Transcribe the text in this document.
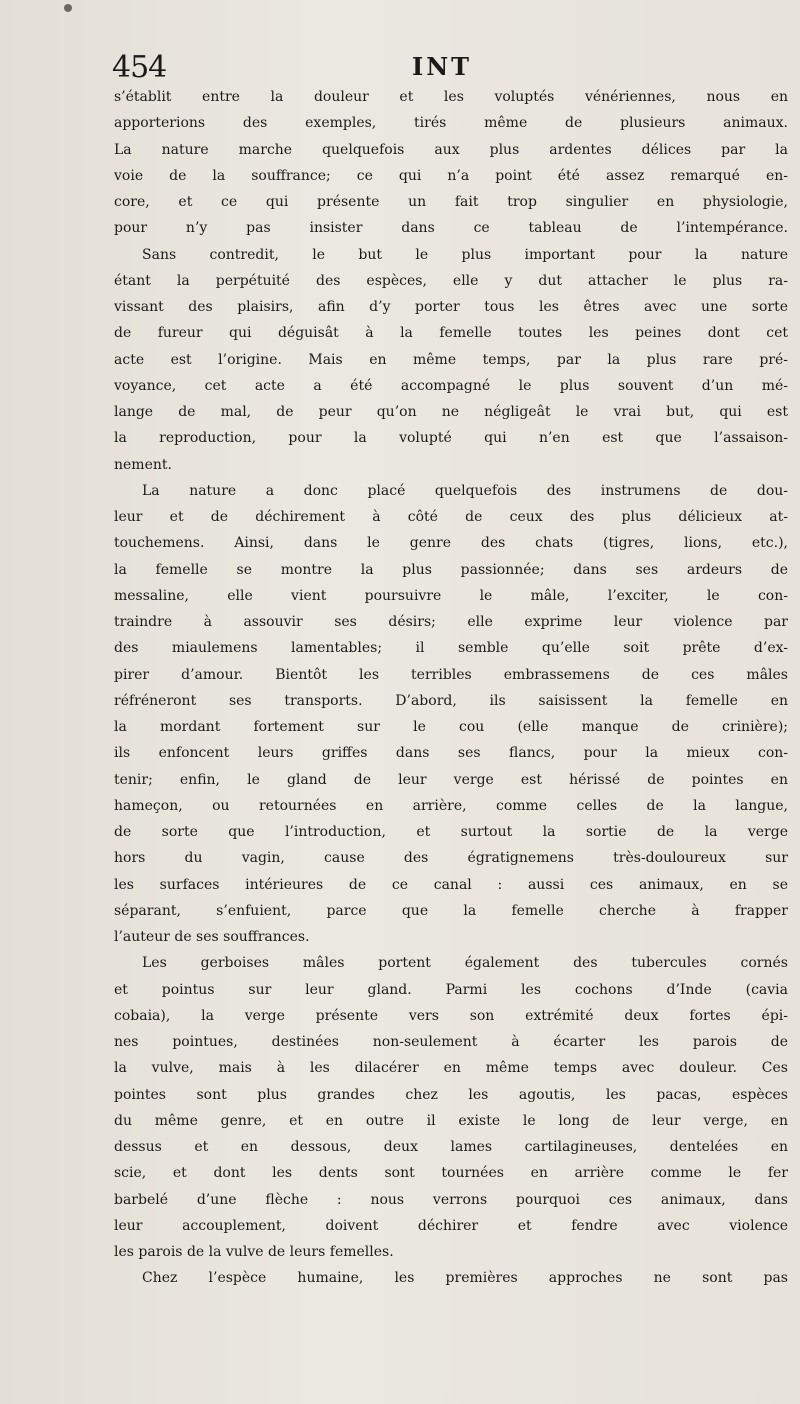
454	INT
s’établit entre la douleur et les voluptés vénériennes, nous en
apporterions des exemples, tirés même de plusieurs animaux.
La nature marche quelquefois aux plus ardentes délices par la
voie de la souffrance; ce qui n’a point été assez remarqué en-
core, et ce qui présente un fait trop singulier en physiologie,
pour n’y pas insister dans ce tableau de l’intempérance.
Sans contredit, le but le plus important pour la nature
étant la perpétuité des espèces, elle y dut attacher le plus ra-
vissant des plaisirs, afin d’y porter tous les êtres avec une sorte
de fureur qui déguisât à la femelle toutes les peines dont cet
acte est l’origine. Mais en même temps, par la plus rare pré-
voyance, cet acte a été accompagné le plus souvent d’un mé-
lange de mal, de peur qu’on ne négligeât le vrai but, qui est
la reproduction, pour la volupté qui n’en est que l’assaison-
nement.
La nature a donc placé quelquefois des instrumens de dou-
leur et de déchirement à côté de ceux des plus délicieux at-
touchemens. Ainsi, dans le genre des chats (tigres, lions, etc.),
la femelle se montre la plus passionnée; dans ses ardeurs de
messaline, elle vient poursuivre le mâle, l’exciter, le con-
traindre à assouvir ses désirs; elle exprime leur violence par
des miaulemens lamentables; il semble qu’elle soit prête d’ex-
pirer d’amour. Bientôt les terribles embrassemens de ces mâles
réfréneront ses transports. D’abord, ils saisissent la femelle en
la mordant fortement sur le cou (elle manque de crinière);
ils enfoncent leurs griffes dans ses flancs, pour la mieux con-
tenir; enfin, le gland de leur verge est hérissé de pointes en
hameçon, ou retournées en arrière, comme celles de la langue,
de sorte que l’introduction, et surtout la sortie de la verge
hors du vagin, cause des égratignemens très-douloureux sur
les surfaces intérieures de ce canal : aussi ces animaux, en se
séparant, s’enfuient, parce que la femelle cherche à frapper
l’auteur de ses souffrances.
Les gerboises mâles portent également des tubercules cornés
et pointus sur leur gland. Parmi les cochons d’Inde (cavia
cobaia), la verge présente vers son extrémité deux fortes épi-
nes pointues, destinées non-seulement à écarter les parois de
la vulve, mais à les dilacérer en même temps avec douleur. Ces
pointes sont plus grandes chez les agoutis, les pacas, espèces
du même genre, et en outre il existe le long de leur verge, en
dessus et en dessous, deux lames cartilagineuses, dentelées en
scie, et dont les dents sont tournées en arrière comme le fer
barbelé d’une flèche : nous verrons pourquoi ces animaux, dans
leur accouplement, doivent déchirer et fendre avec violence
les parois de la vulve de leurs femelles.
Chez l’espèce humaine, les premières approches ne sont pas
